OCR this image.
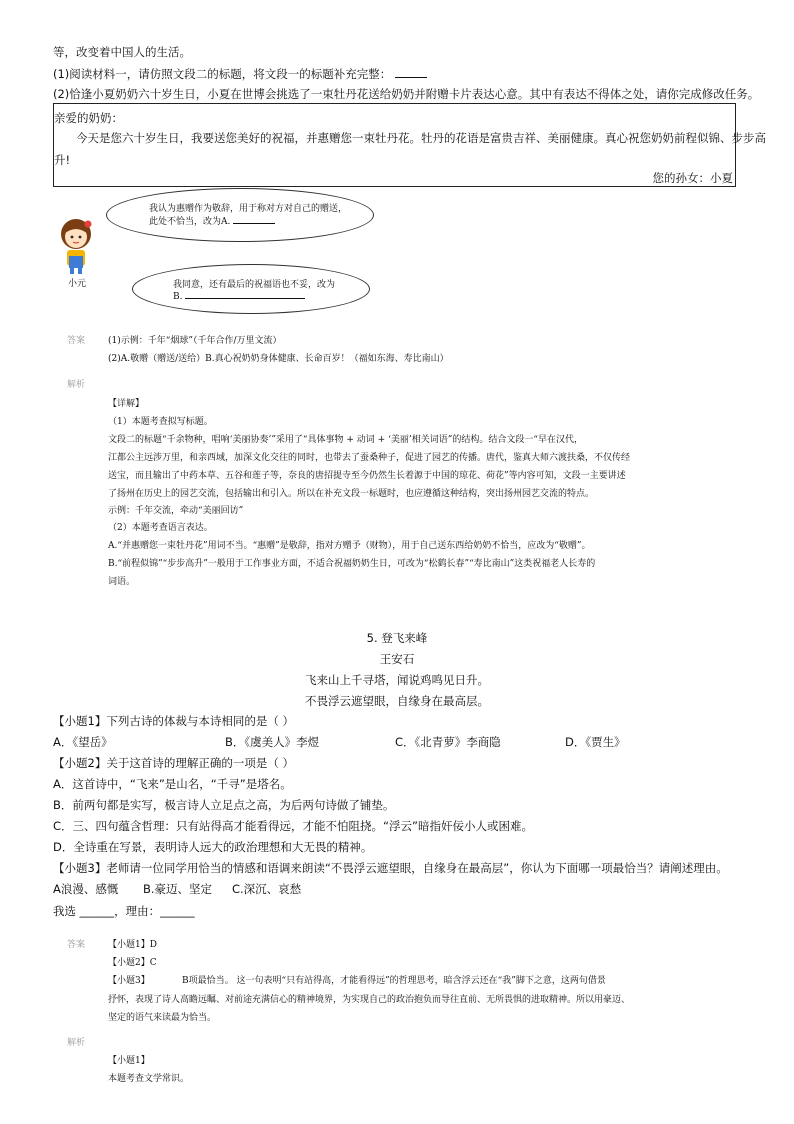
等，改变着中国人的生活。
(1)阅读材料一，请仿照文段二的标题，将文段一的标题补充完整：
(2)恰逢小夏奶奶六十岁生日，小夏在世博会挑选了一束牡丹花送给奶奶并附赠卡片表达心意。其中有表达不得体之处，请你完成修改任务。
亲爱的奶奶：
今天是您六十岁生日，我要送您美好的祝福，并惠赠您一束牡丹花。牡丹的花语是富贵吉祥、美丽健康。真心祝您奶奶前程似锦、步步高
升!
您的孙女：小夏
小元
我认为惠赠作为敬辞，用于称对方对自己的赠送，
此处不恰当，改为A.
我同意，还有最后的祝福语也不妥，改为
B.
答案	(1)示例：千年“烟球”（千年合作/万里文流）
(2)A.敬赠（赠送/送给）B.真心祝奶奶身体健康、长命百岁！（福如东海、寿比南山）
解析
【详解】
（1）本题考查拟写标题。
文段二的标题“千余物种，唱响‘美丽协奏’”采用了“具体事物 + 动词 + ‘美丽’相关词语”的结构。结合文段一“早在汉代，
江都公主远涉万里，和亲西域，加深文化交往的同时，也带去了蚕桑种子，促进了园艺的传播。唐代，鉴真大师六渡扶桑，不仅传经
送宝，而且输出了中药本草、五谷和莲子等，奈良的唐招提寺至今仍然生长着源于中国的琼花、荷花”等内容可知，文段一主要讲述
了扬州在历史上的园艺交流，包括输出和引入。所以在补充文段一标题时，也应遵循这种结构，突出扬州园艺交流的特点。
示例：千年交流，牵动“美丽回访”
（2）本题考查语言表达。
A.“并惠赠您一束牡丹花”用词不当。“惠赠”是敬辞，指对方赠予（财物），用于自己送东西给奶奶不恰当，应改为“敬赠”。
B.“前程似锦”“步步高升”一般用于工作事业方面，不适合祝福奶奶生日，可改为“松鹤长春”“寿比南山”这类祝福老人长寿的
词语。
5. 登飞来峰
王安石
飞来山上千寻塔，闻说鸡鸣见日升。
不畏浮云遮望眼，自缘身在最高层。
【小题1】下列古诗的体裁与本诗相同的是（ ）
A．《望岳》	B．《虞美人》李煜	C．《北青萝》李商隐	D．《贾生》
【小题2】关于这首诗的理解正确的一项是（ ）
A．这首诗中，“飞来”是山名，“千寻”是塔名。
B．前两句都是实写，极言诗人立足点之高，为后两句诗做了铺垫。
C．三、四句蕴含哲理：只有站得高才能看得远，才能不怕阻挠。“浮云”暗指奸佞小人或困难。
D．全诗重在写景，表明诗人远大的政治理想和大无畏的精神。
【小题3】老师请一位同学用恰当的情感和语调来朗读“不畏浮云遮望眼，自缘身在最高层”，你认为下面哪一项最恰当？请阐述理由。
A浪漫、感慨 B.豪迈、坚定 C.深沉、哀愁
我选 ______，理由：______
答案	【小题1】D
【小题2】C
【小题3】	B项最恰当。 这一句表明“只有站得高，才能看得远”的哲理思考，暗含浮云还在“我”脚下之意，这两句借景
抒怀，表现了诗人高瞻远瞩、对前途充满信心的精神境界，为实现自己的政治抱负而导往直前、无所畏惧的进取精神。所以用豪迈、
坚定的语气来读最为恰当。
解析
【小题1】
本题考查文学常识。
